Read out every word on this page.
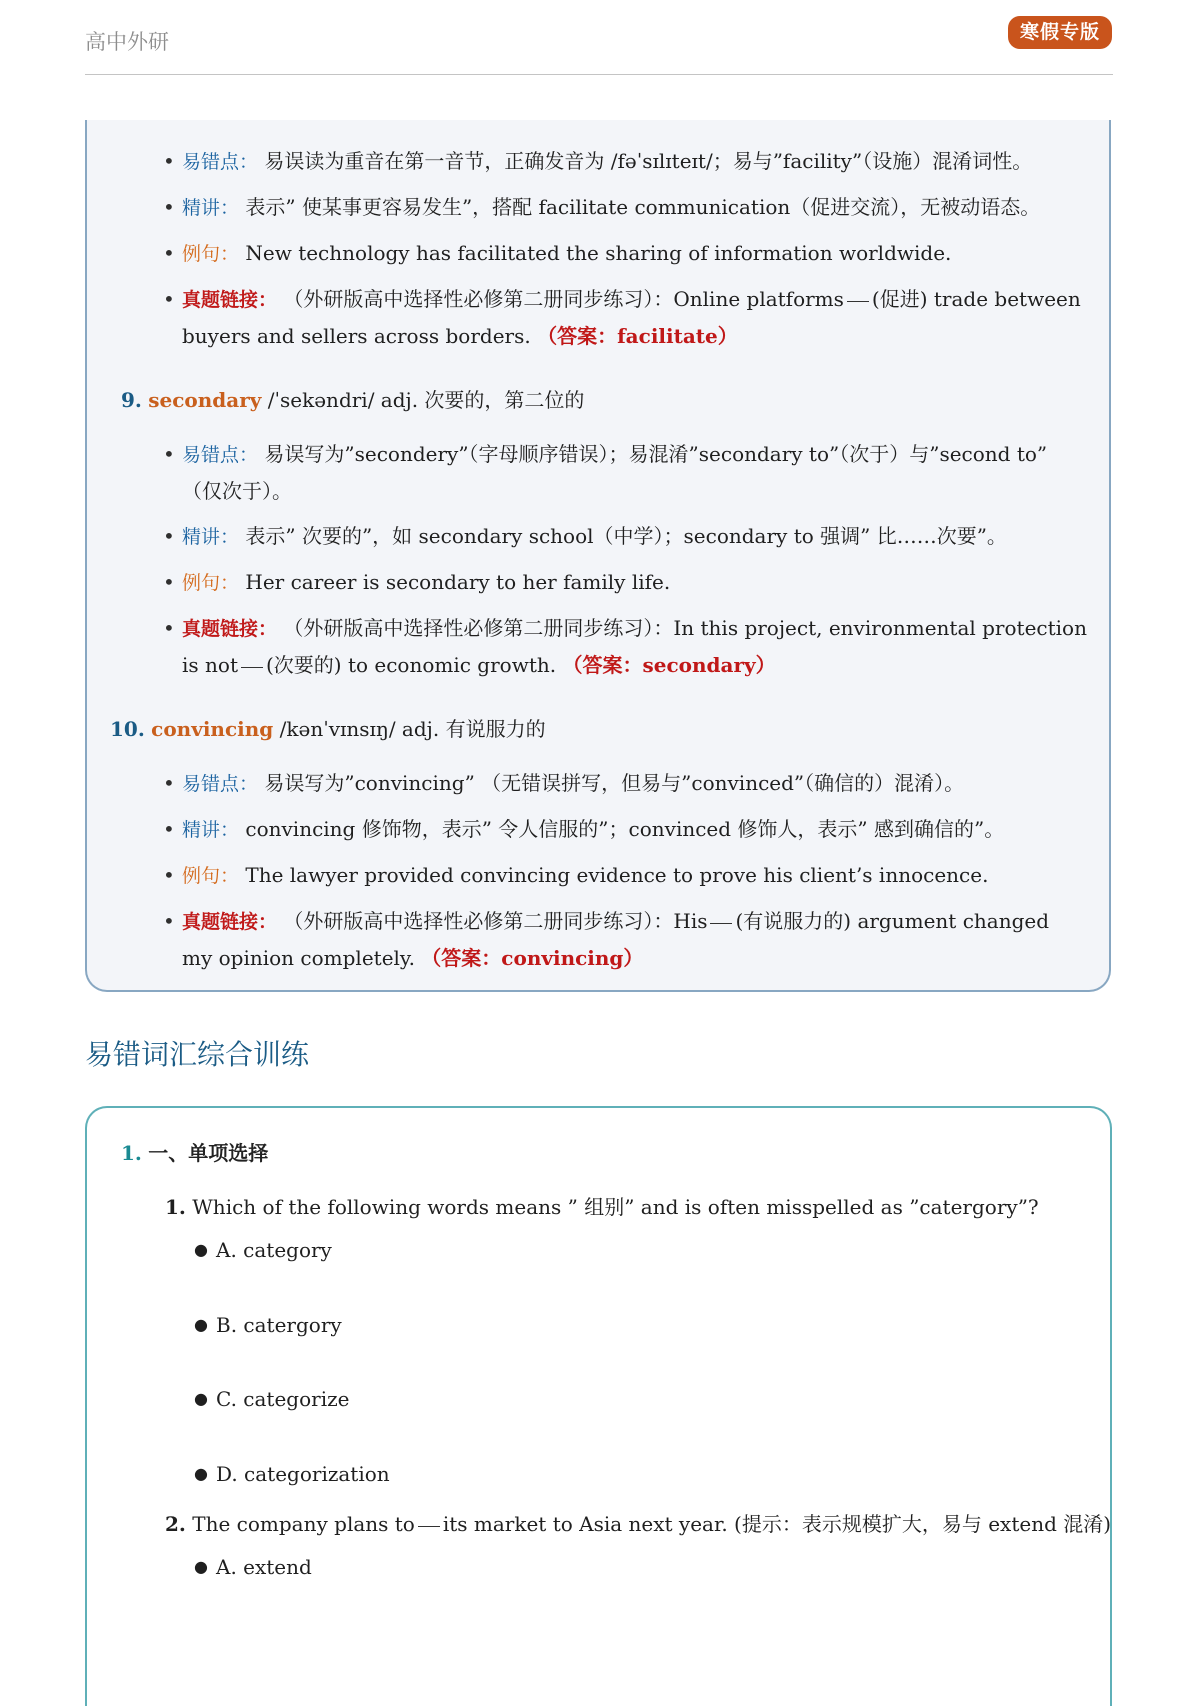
高中外研	寒假专版
• 易错点： 易误读为重音在第一音节，正确发音为 /fəˈsɪlɪteɪt/；易与”facility”（设施）混淆词性。
• 精讲： 表示” 使某事更容易发生”，搭配 facilitate communication（促进交流），无被动语态。
• 例句： New technology has facilitated the sharing of information worldwide.
• 真题链接： （外研版高中选择性必修第二册同步练习）：Online platforms (促进) trade between
buyers and sellers across borders. （答案：facilitate）
9. secondary /ˈsekəndri/ adj. 次要的，第二位的
• 易错点： 易误写为”secondery”（字母顺序错误）；易混淆”secondary to”（次于）与”second to”
（仅次于）。
• 精讲： 表示” 次要的”，如 secondary school（中学）；secondary to 强调” 比……次要”。
• 例句： Her career is secondary to her family life.
• 真题链接： （外研版高中选择性必修第二册同步练习）：In this project, environmental protection
is not (次要的) to economic growth. （答案：secondary）
10. convincing /kənˈvɪnsɪŋ/ adj. 有说服力的
• 易错点： 易误写为”convincing” （无错误拼写，但易与”convinced”（确信的）混淆）。
• 精讲： convincing 修饰物，表示” 令人信服的”；convinced 修饰人，表示” 感到确信的”。
• 例句： The lawyer provided convincing evidence to prove his client’s innocence.
• 真题链接： （外研版高中选择性必修第二册同步练习）：His (有说服力的) argument changed
my opinion completely. （答案：convincing）
易错词汇综合训练
1. 一、单项选择
1. Which of the following words means ” 组别” and is often misspelled as ”catergory”?
● A. category
● B. catergory
● C. categorize
● D. categorization
2. The company plans to its market to Asia next year. (提示：表示规模扩大，易与 extend 混淆)
● A. extend
